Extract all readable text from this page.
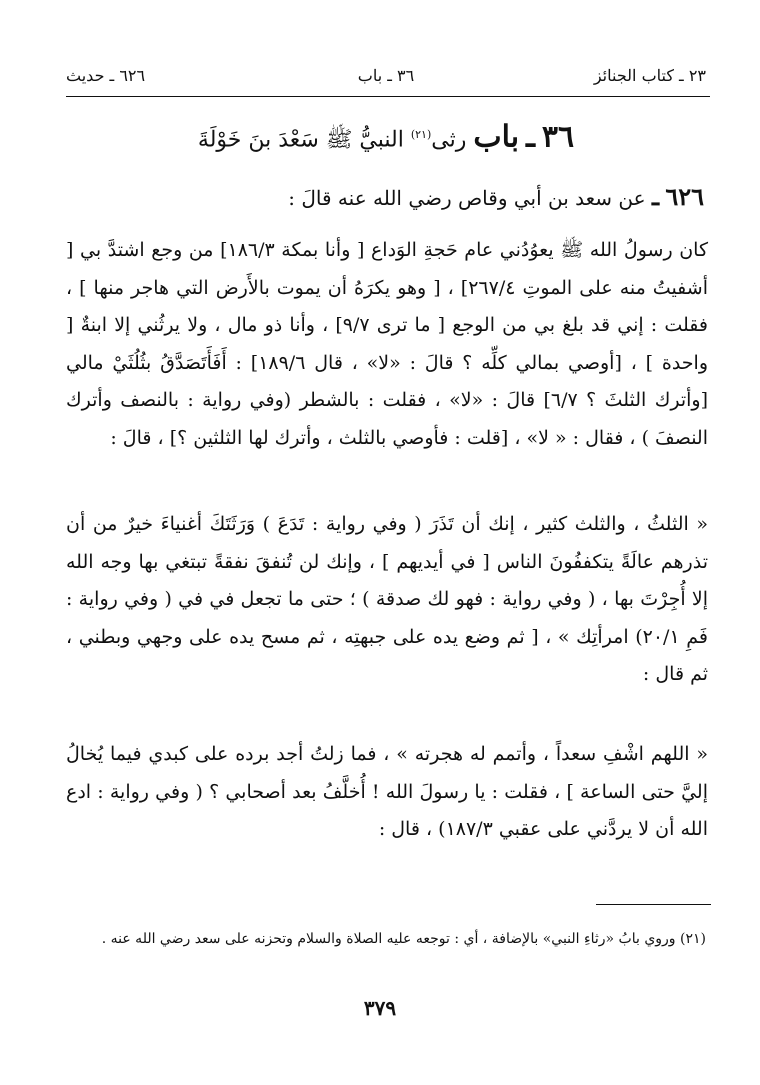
٢٣ ـ كتاب الجنائز
٣٦ ـ باب
٦٢٦ ـ حديث
٣٦ ـ باب رثى$^{(٢١)}$ النبيُّ ﷺ سَعْدَ بنَ خَوْلَةَ
٦٢٦ ـ عن سعد بن أبي وقاص رضي الله عنه قالَ :
كان رسولُ الله ﷺ يعوُدُني عام حَجةِ الوَداع [ وأنا بمكة ١٨٦/٣] من وجع اشتدَّ بي [ أشفيتُ منه على الموتِ ٢٦٧/٤] ، [ وهو يكرَهُ أن يموت بالأَرض التي هاجر منها ] ، فقلت : إني قد بلغ بي من الوجع [ ما ترى ٩/٧] ، وأنا ذو مال ، ولا يرثُني إلا ابنةٌ [ واحدة ] ، [أوصي بمالي كلِّه ؟ قالَ : «لا» ، قال ١٨٩/٦] : أَفَأَتَصَدَّقُ بثُلُثَيْ مالي [وأترك الثلثَ ؟ ٦/٧] قالَ : «لا» ، فقلت : بالشطر (وفي رواية : بالنصف وأترك النصفَ ) ، فقال : « لا» ، [قلت : فأوصي بالثلث ، وأترك لها الثلثين ؟] ، قالَ :
« الثلثُ ، والثلث كثير ، إنك أن تَذَرَ ( وفي رواية : تَدَعَ ) وَرَثَتَكَ أغنياءَ خيرٌ من أن تذرهم عالَةً يتكففُونَ الناس [ في أيديهم ] ، وإنك لن تُنفقَ نفقةً تبتغي بها وجه الله إلا أُجِرْتَ بها ، ( وفي رواية : فهو لك صدقة ) ؛ حتى ما تجعل في في ( وفي رواية : فَمِ ٢٠/١) امرأتِك » ، [ ثم وضع يده على جبهتِه ، ثم مسح يده على وجهي وبطني ، ثم قال :
« اللهم اشْفِ سعداً ، وأتمم له هجرته » ، فما زلتُ أجد برده على كبدي فيما يُخالُ إليَّ حتى الساعة ] ، فقلت : يا رسولَ الله ! أُخلَّفُ بعد أصحابي ؟ ( وفي رواية : ادع الله أن لا يردَّني على عقبي ١٨٧/٣) ، قال :
(٢١) وروي بابُ «رثاءِ النبي» بالإضافة ، أي : توجعه عليه الصلاة والسلام وتحزنه على سعد رضي الله عنه .
٣٧٩
